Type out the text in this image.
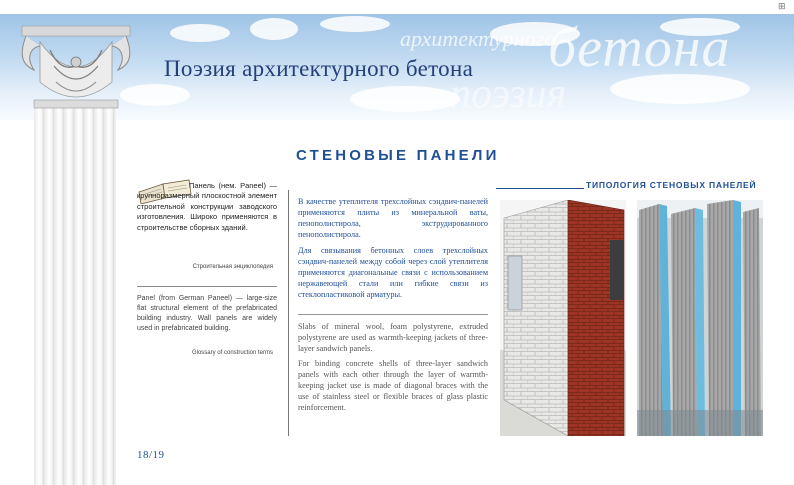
⊞
архитектурного
бетона
поэзия
Поэзия архитектурного бетона
СТЕНОВЫЕ ПАНЕЛИ
Панель (нем. Paneel) — крупноразмерный плоскостной элемент строительной конструкции заводского изготовления. Широко применяются в строительстве сборных зданий.
Строительная энциклопедия
Panel (from German Paneel) — large-size flat structural element of the prefabricated building industry. Wall panels are widely used in prefabricated building.
Glossary of construction terms

В качестве утеплителя трехслойных сэндвич-панелей применяются плиты из минеральной ваты, пенополистирола, экструдированного пенополистирола.

Для связывания бетонных слоев трехслойных сэндвич-панелей между собой через слой утеплителя применяются диагональные связи с использованием нержавеющей стали или гибкие связи из стеклопластиковой арматуры.

Slabs of mineral wool, foam polystyrene, extruded polystyrene are used as warmth-keeping jackets of three-layer sandwich panels.

For binding concrete shells of three-layer sandwich panels with each other through the layer of warmth-keeping jacket use is made of diagonal braces with the use of stainless steel or flexible braces of glass plastic reinforcement.

ТИПОЛОГИЯ СТЕНОВЫХ ПАНЕЛЕЙ
18/19
